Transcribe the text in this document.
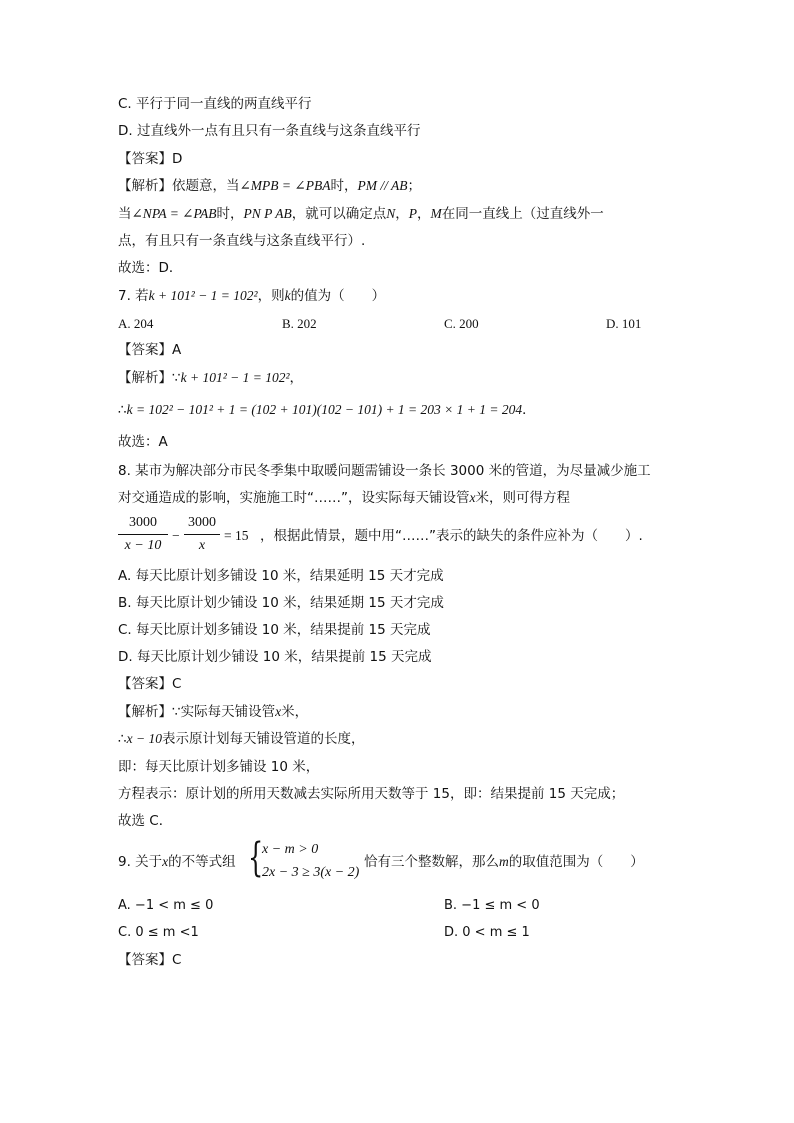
C. 平行于同一直线的两直线平行
D. 过直线外一点有且只有一条直线与这条直线平行
【答案】D
【解析】依题意，当∠MPB = ∠PBA时，PM // AB；
当∠NPA = ∠PAB时，PN P AB，就可以确定点N，P，M在同一直线上（过直线外一
点，有且只有一条直线与这条直线平行）.
故选：D．
7. 若k + 101² − 1 = 102²，则k的值为（　　）
A. 204	B. 202	C. 200	D. 101
【答案】A
【解析】∵k + 101² − 1 = 102²，
∴k = 102² − 101² + 1 = (102 + 101)(102 − 101) + 1 = 203 × 1 + 1 = 204．
故选：A
8. 某市为解决部分市民冬季集中取暖问题需铺设一条长 3000 米的管道，为尽量减少施工
对交通造成的影响，实施施工时“……”，设实际每天铺设管x米，则可得方程
3000
x − 10
−
3000
x
= 15 ，根据此情景，题中用“……”表示的缺失的条件应补为（　　）.
A. 每天比原计划多铺设 10 米，结果延明 15 天才完成
B. 每天比原计划少铺设 10 米，结果延期 15 天才完成
C. 每天比原计划多铺设 10 米，结果提前 15 天完成
D. 每天比原计划少铺设 10 米，结果提前 15 天完成
【答案】C
【解析】∵实际每天铺设管x米，
∴x − 10表示原计划每天铺设管道的长度，
即：每天比原计划多铺设 10 米，
方程表示：原计划的所用天数减去实际所用天数等于 15，即：结果提前 15 天完成；
故选 C．
9. 关于x的不等式组 {
x − m > 0
2x − 3 ≥ 3(x − 2)
恰有三个整数解，那么m的取值范围为（　　）
A. −1 < m ≤ 0	B. −1 ≤ m < 0
C. 0 ≤ m <1	D. 0 < m ≤ 1
【答案】C
